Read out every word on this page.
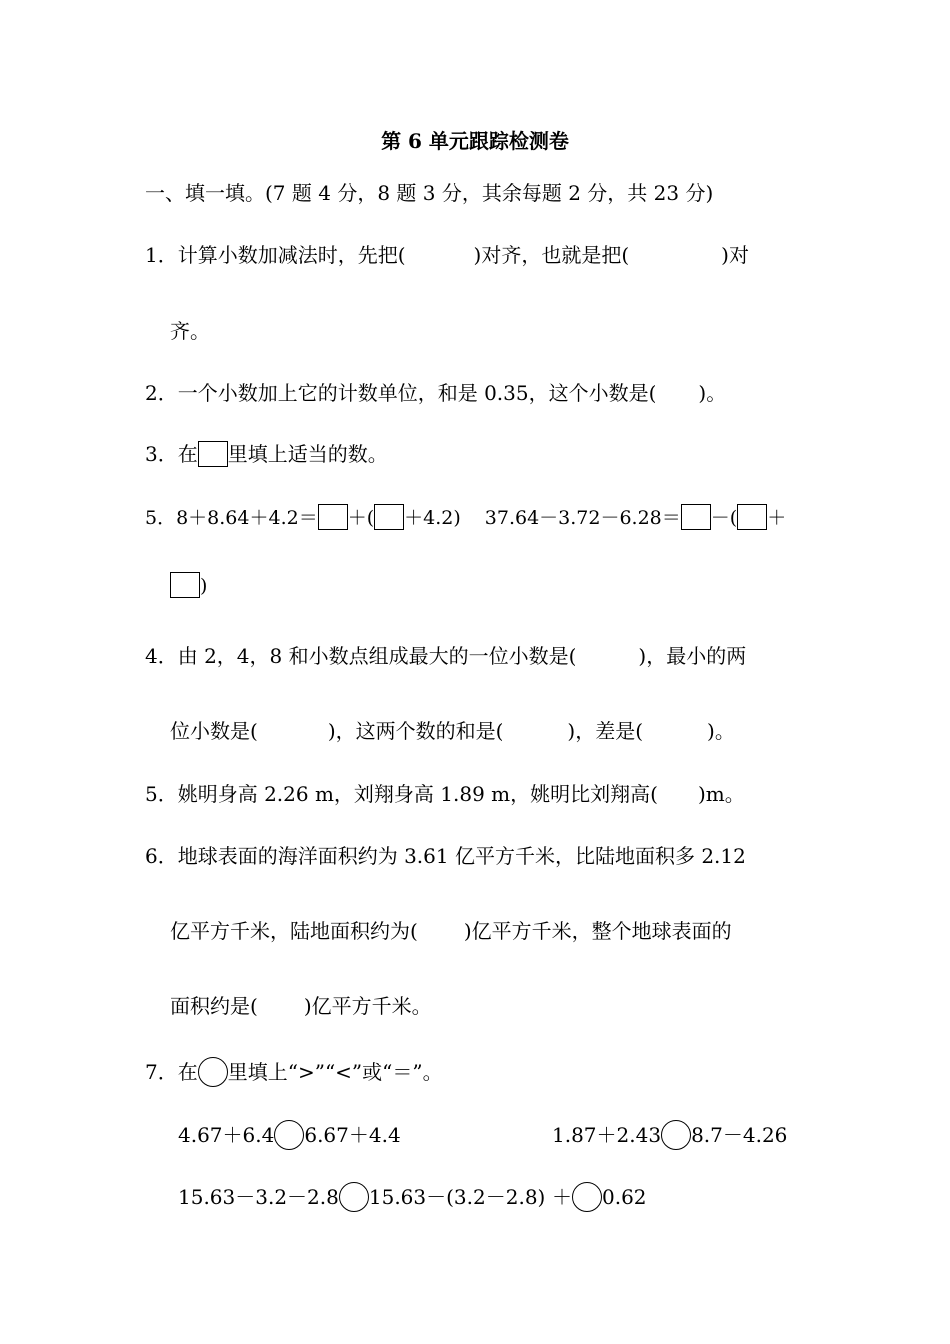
第 6 单元跟踪检测卷
一、填一填。(7 题 4 分，8 题 3 分，其余每题 2 分，共 23 分)
1．计算小数加减法时，先把(	)对齐，也就是把(	)对
齐。
2．一个小数加上它的计数单位，和是 0.35，这个小数是( )。
3．在 里填上适当的数。
5．8＋8.64＋4.2＝ ＋( ＋4.2) 37.64－3.72－6.28＝ －( ＋
)
4．由 2，4，8 和小数点组成最大的一位小数是(	)，最小的两
位小数是(	)，这两个数的和是(	)，差是(	)。
5．姚明身高 2.26 m，刘翔身高 1.89 m，姚明比刘翔高( )m。
6．地球表面的海洋面积约为 3.61 亿平方千米，比陆地面积多 2.12
亿平方千米，陆地面积约为( )亿平方千米，整个地球表面的
面积约是( )亿平方千米。
7．在 里填上“>”“<”或“＝”。
4.67＋6.4 6.67＋4.4	1.87＋2.43 8.7－4.26
15.63－3.2－2.8 15.63－(3.2－2.8) ＋ 0.62
